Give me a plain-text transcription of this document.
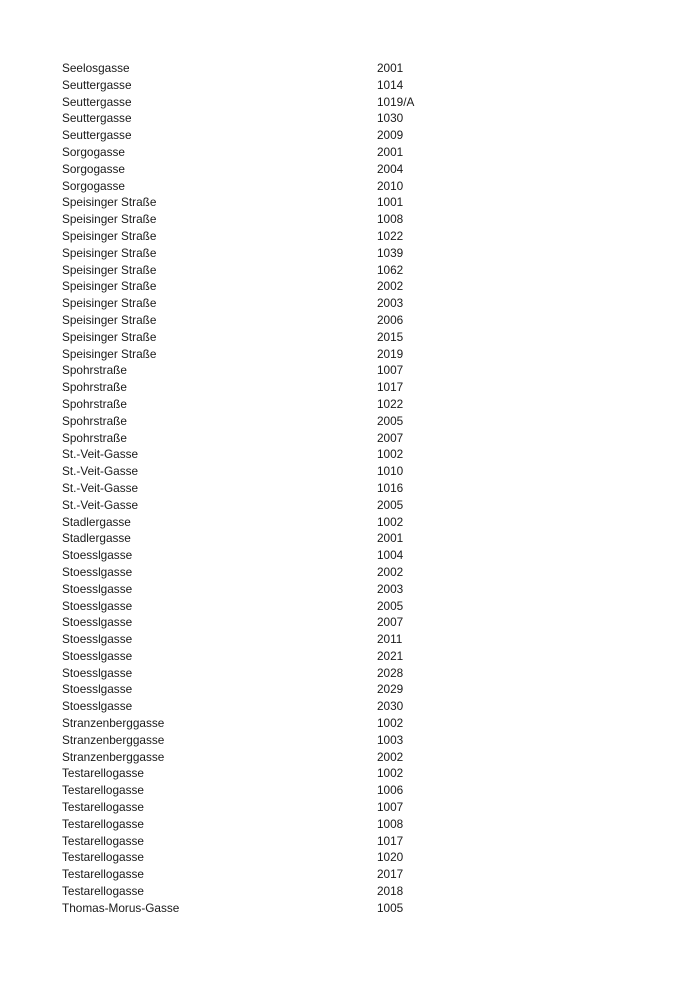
Seelosgasse	2001
Seuttergasse	1014
Seuttergasse	1019/A
Seuttergasse	1030
Seuttergasse	2009
Sorgogasse	2001
Sorgogasse	2004
Sorgogasse	2010
Speisinger Straße	1001
Speisinger Straße	1008
Speisinger Straße	1022
Speisinger Straße	1039
Speisinger Straße	1062
Speisinger Straße	2002
Speisinger Straße	2003
Speisinger Straße	2006
Speisinger Straße	2015
Speisinger Straße	2019
Spohrstraße	1007
Spohrstraße	1017
Spohrstraße	1022
Spohrstraße	2005
Spohrstraße	2007
St.-Veit-Gasse	1002
St.-Veit-Gasse	1010
St.-Veit-Gasse	1016
St.-Veit-Gasse	2005
Stadlergasse	1002
Stadlergasse	2001
Stoesslgasse	1004
Stoesslgasse	2002
Stoesslgasse	2003
Stoesslgasse	2005
Stoesslgasse	2007
Stoesslgasse	2011
Stoesslgasse	2021
Stoesslgasse	2028
Stoesslgasse	2029
Stoesslgasse	2030
Stranzenberggasse	1002
Stranzenberggasse	1003
Stranzenberggasse	2002
Testarellogasse	1002
Testarellogasse	1006
Testarellogasse	1007
Testarellogasse	1008
Testarellogasse	1017
Testarellogasse	1020
Testarellogasse	2017
Testarellogasse	2018
Thomas-Morus-Gasse	1005
